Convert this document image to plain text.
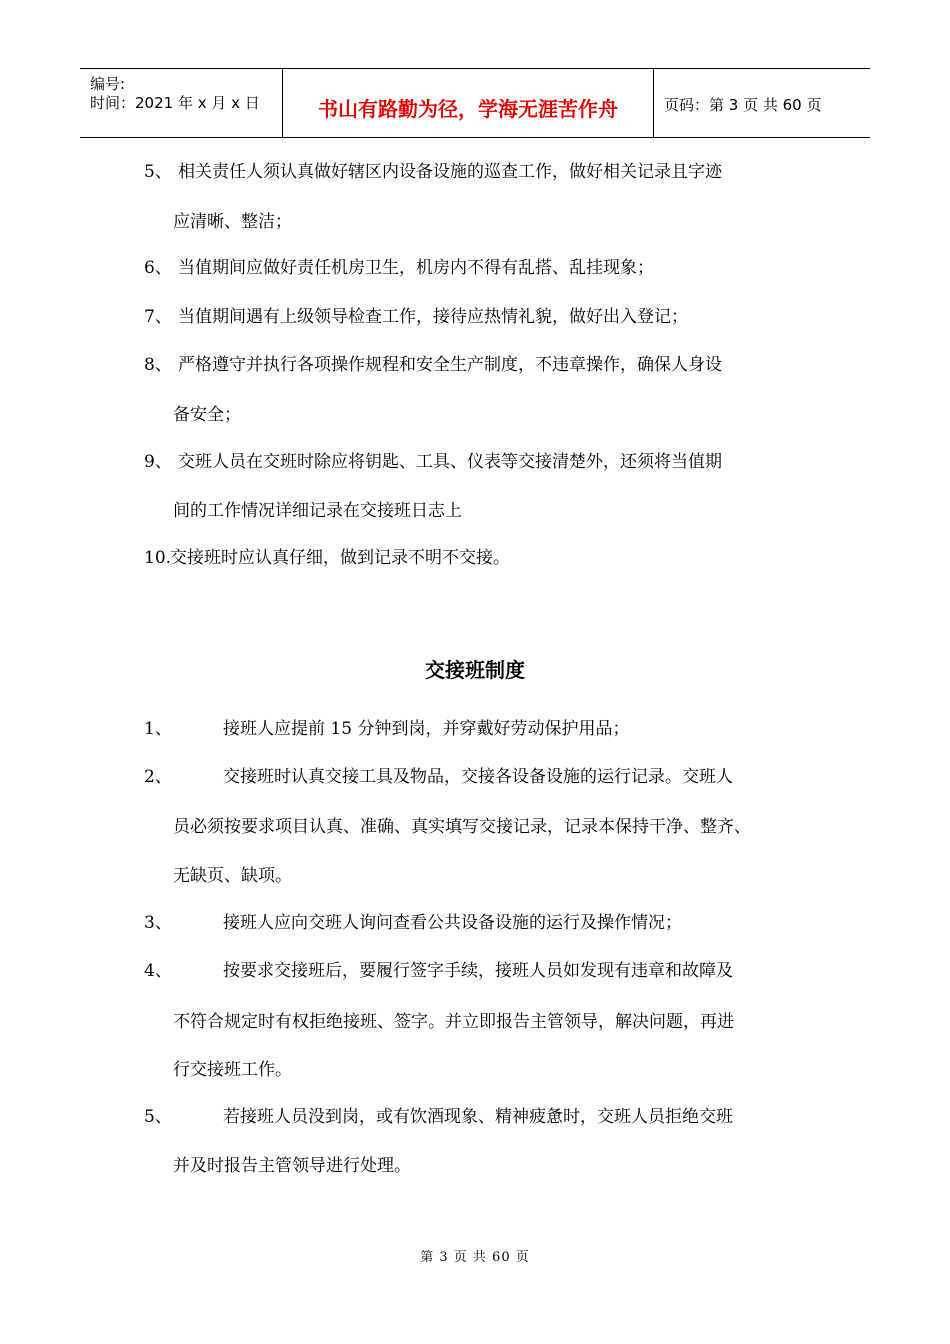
编号:
时间：2021 年 x 月 x 日	书山有路勤为径，学海无涯苦作舟	页码：第 3 页 共 60 页
5、 相关责任人须认真做好辖区内设备设施的巡查工作，做好相关记录且字迹
应清晰、整洁；
6、 当值期间应做好责任机房卫生，机房内不得有乱搭、乱挂现象；
7、 当值期间遇有上级领导检查工作，接待应热情礼貌，做好出入登记；
8、 严格遵守并执行各项操作规程和安全生产制度，不违章操作，确保人身设
备安全；
9、 交班人员在交班时除应将钥匙、工具、仪表等交接清楚外，还须将当值期
间的工作情况详细记录在交接班日志上
10.
交接班时应认真仔细，做到记录不明不交接。
交接班制度
1、	接班人应提前 15 分钟到岗，并穿戴好劳动保护用品；
2、	交接班时认真交接工具及物品，交接各设备设施的运行记录。交班人
员必须按要求项目认真、准确、真实填写交接记录，记录本保持干净、整齐、
无缺页、缺项。
3、	接班人应向交班人询问查看公共设备设施的运行及操作情况；
4、	按要求交接班后，要履行签字手续，接班人员如发现有违章和故障及
不符合规定时有权拒绝接班、签字。并立即报告主管领导，解决问题，再进
行交接班工作。
5、	若接班人员没到岗，或有饮酒现象、精神疲惫时，交班人员拒绝交班
并及时报告主管领导进行处理。
第 3 页 共 60 页
